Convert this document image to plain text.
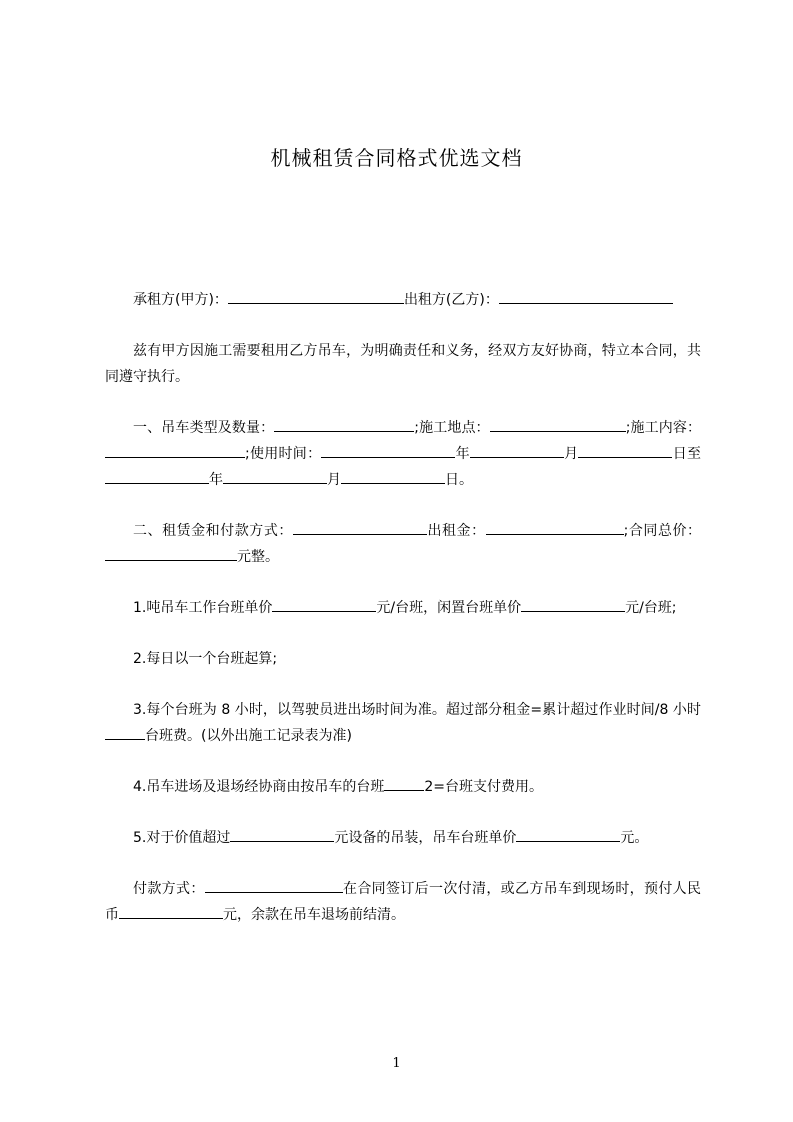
机械租赁合同格式优选文档

承租方(甲方)：	出租方(乙方)：

兹有甲方因施工需要租用乙方吊车，为明确责任和义务，经双方友好协商，特立本合同，共同遵守执行。

一、吊车类型及数量：	;施工地点：	;施工内容：;使用时间：	年	月	日至年	月	日。

二、租赁金和付款方式：	出租金：	;合同总价：元整。

1.吨吊车工作台班单价	元/台班，闲置台班单价	元/台班;

2.每日以一个台班起算;

3.每个台班为 8 小时，以驾驶员进出场时间为准。超过部分租金=累计超过作业时间/8 小时台班费。(以外出施工记录表为准)

4.吊车进场及退场经协商由按吊车的台班	2=台班支付费用。

5.对于价值超过	元设备的吊装，吊车台班单价	元。

付款方式：	在合同签订后一次付清，或乙方吊车到现场时，预付人民币	元，余款在吊车退场前结清。

1
